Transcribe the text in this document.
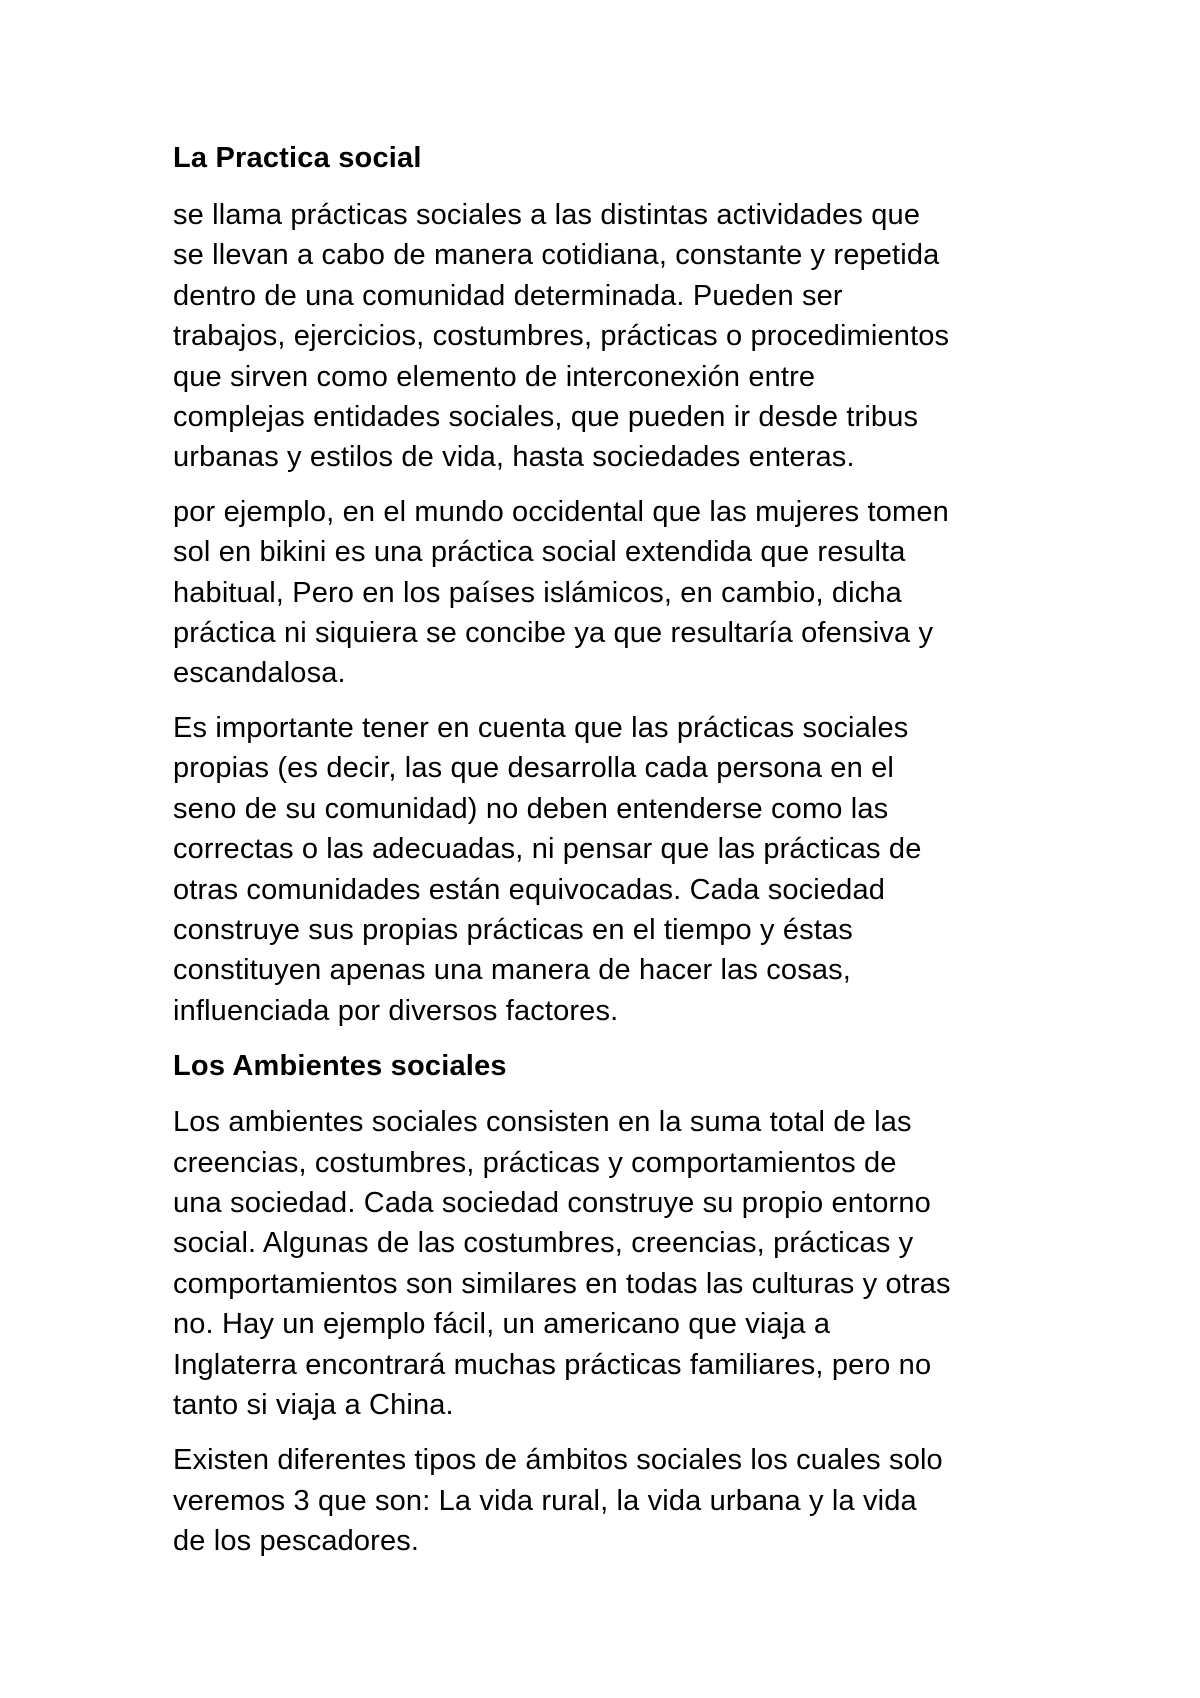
La Practica social

se llama prácticas sociales a las distintas actividades que
se llevan a cabo de manera cotidiana, constante y repetida
dentro de una comunidad determinada. Pueden ser
trabajos, ejercicios, costumbres, prácticas o procedimientos
que sirven como elemento de interconexión entre
complejas entidades sociales, que pueden ir desde tribus
urbanas y estilos de vida, hasta sociedades enteras.

por ejemplo, en el mundo occidental que las mujeres tomen
sol en bikini es una práctica social extendida que resulta
habitual, Pero en los países islámicos, en cambio, dicha
práctica ni siquiera se concibe ya que resultaría ofensiva y
escandalosa.

Es importante tener en cuenta que las prácticas sociales
propias (es decir, las que desarrolla cada persona en el
seno de su comunidad) no deben entenderse como las
correctas o las adecuadas, ni pensar que las prácticas de
otras comunidades están equivocadas. Cada sociedad
construye sus propias prácticas en el tiempo y éstas
constituyen apenas una manera de hacer las cosas,
influenciada por diversos factores.

Los Ambientes sociales

Los ambientes sociales consisten en la suma total de las
creencias, costumbres, prácticas y comportamientos de
una sociedad. Cada sociedad construye su propio entorno
social. Algunas de las costumbres, creencias, prácticas y
comportamientos son similares en todas las culturas y otras
no. Hay un ejemplo fácil, un americano que viaja a
Inglaterra encontrará muchas prácticas familiares, pero no
tanto si viaja a China.

Existen diferentes tipos de ámbitos sociales los cuales solo
veremos 3 que son: La vida rural, la vida urbana y la vida
de los pescadores.
